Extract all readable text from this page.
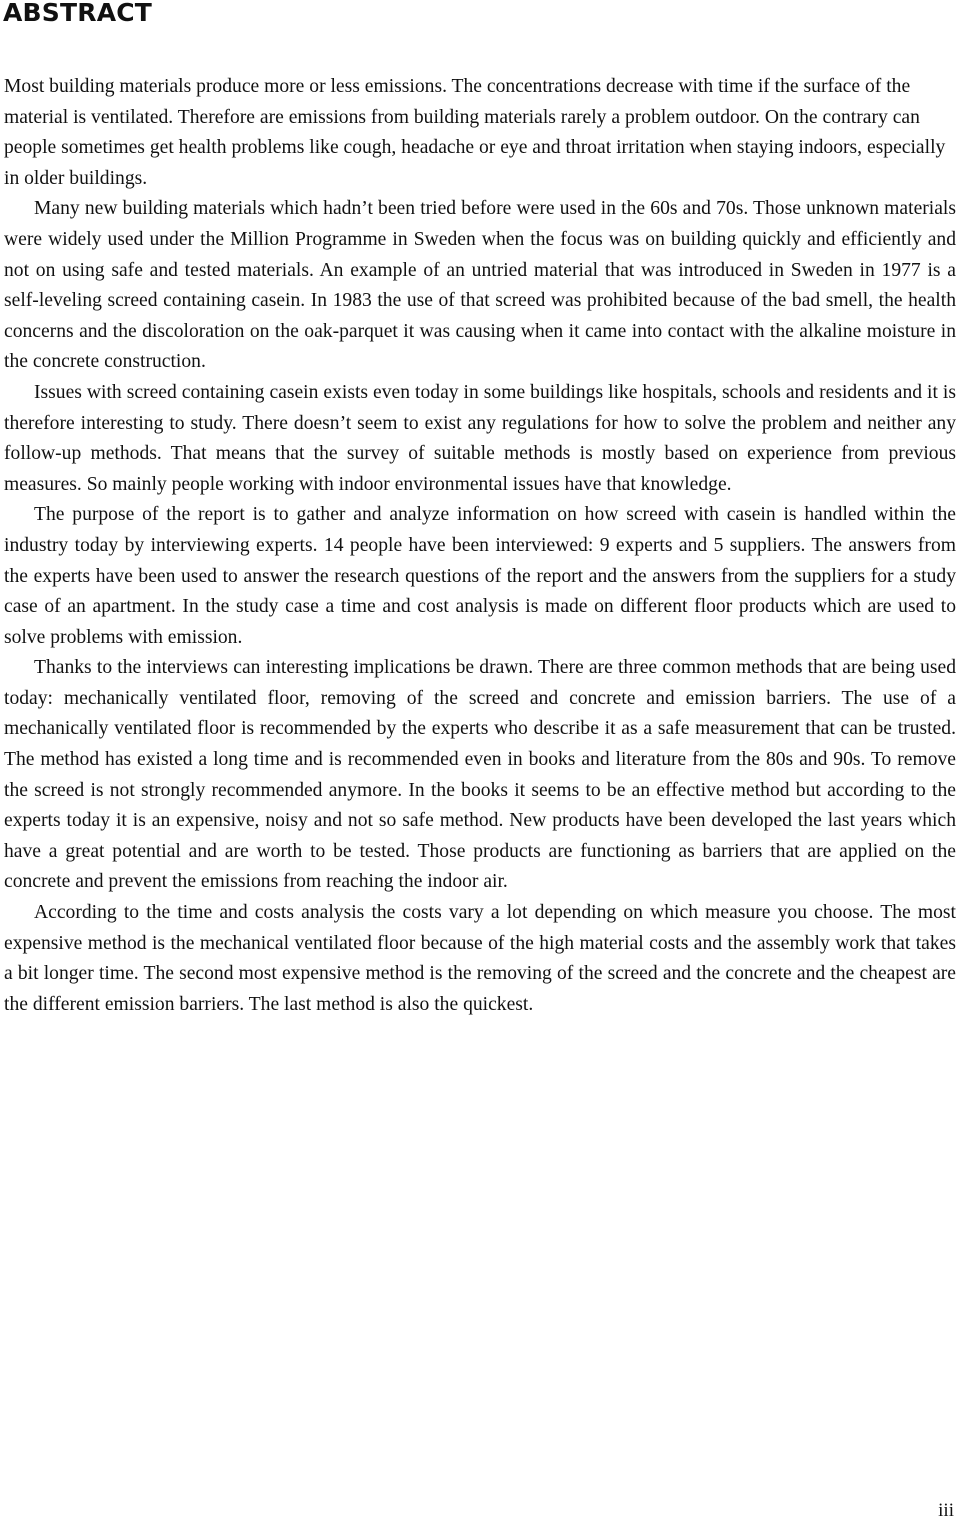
ABSTRACT

Most building materials produce more or less emissions. The concentrations decrease with time if the surface of the material is ventilated. Therefore are emissions from building materials rarely a problem outdoor. On the contrary can people sometimes get health problems like cough, headache or eye and throat irritation when staying indoors, especially in older buildings.

Many new building materials which hadn’t been tried before were used in the 60s and 70s. Those unknown materials were widely used under the Million Programme in Sweden when the focus was on building quickly and efficiently and not on using safe and tested materials. An example of an untried material that was introduced in Sweden in 1977 is a self-leveling screed containing casein. In 1983 the use of that screed was prohibited because of the bad smell, the health concerns and the discoloration on the oak-parquet it was causing when it came into contact with the alkaline moisture in the concrete construction.

Issues with screed containing casein exists even today in some buildings like hospitals, schools and residents and it is therefore interesting to study. There doesn’t seem to exist any regulations for how to solve the problem and neither any follow-up methods. That means that the survey of suitable methods is mostly based on experience from previous measures. So mainly people working with indoor environmental issues have that knowledge.

The purpose of the report is to gather and analyze information on how screed with casein is handled within the industry today by interviewing experts. 14 people have been interviewed: 9 experts and 5 suppliers. The answers from the experts have been used to answer the research questions of the report and the answers from the suppliers for a study case of an apartment. In the study case a time and cost analysis is made on different floor products which are used to solve problems with emission.

Thanks to the interviews can interesting implications be drawn. There are three common methods that are being used today: mechanically ventilated floor, removing of the screed and concrete and emission barriers. The use of a mechanically ventilated floor is recommended by the experts who describe it as a safe measurement that can be trusted. The method has existed a long time and is recommended even in books and literature from the 80s and 90s. To remove the screed is not strongly recommended anymore. In the books it seems to be an effective method but according to the experts today it is an expensive, noisy and not so safe method. New products have been developed the last years which have a great potential and are worth to be tested. Those products are functioning as barriers that are applied on the concrete and prevent the emissions from reaching the indoor air.

According to the time and costs analysis the costs vary a lot depending on which measure you choose. The most expensive method is the mechanical ventilated floor because of the high material costs and the assembly work that takes a bit longer time. The second most expensive method is the removing of the screed and the concrete and the cheapest are the different emission barriers. The last method is also the quickest.

iii
